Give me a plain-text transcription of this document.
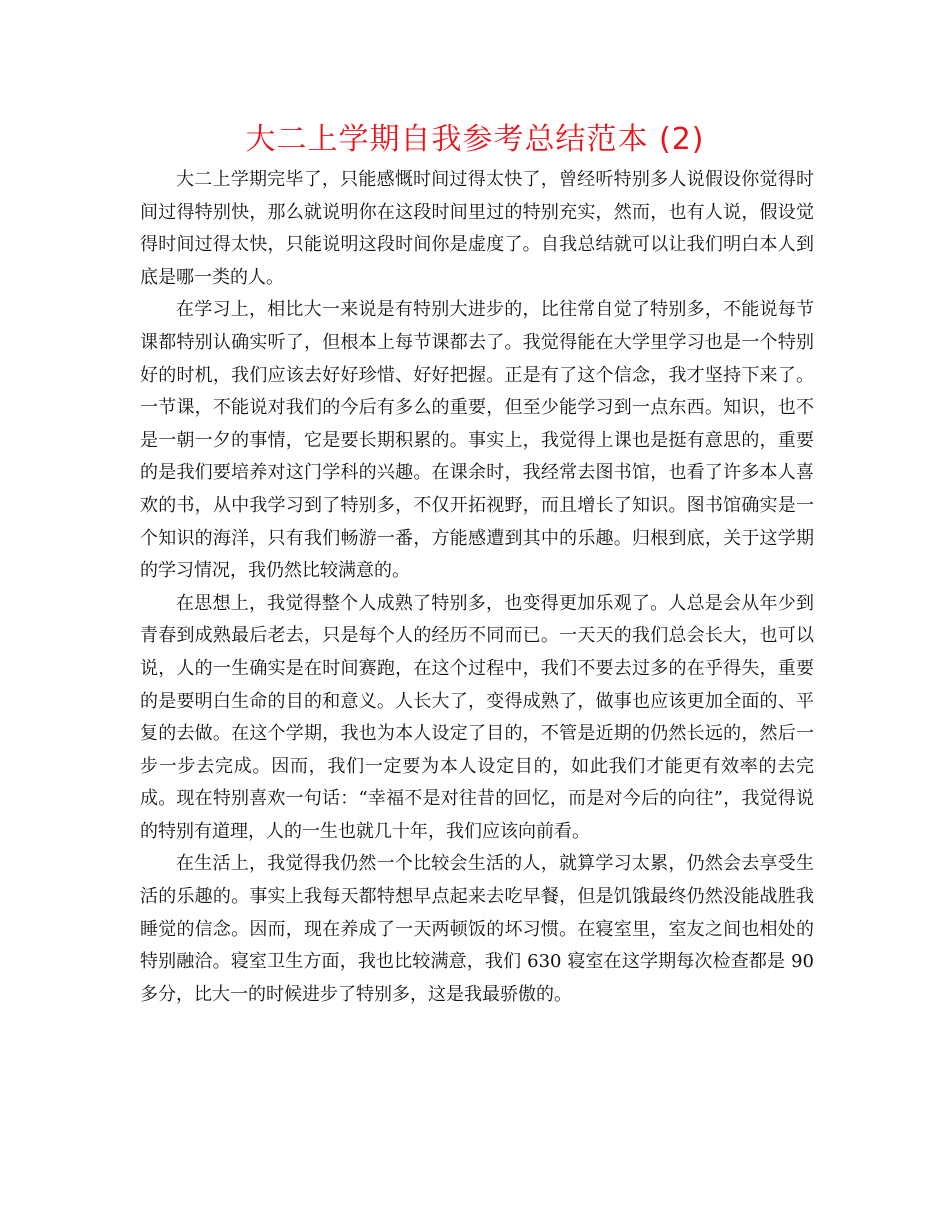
大二上学期自我参考总结范本 (2)

大二上学期完毕了，只能感慨时间过得太快了，曾经听特别多人说假设你觉得时间过得特别快，那么就说明你在这段时间里过的特别充实，然而，也有人说，假设觉得时间过得太快，只能说明这段时间你是虚度了。自我总结就可以让我们明白本人到底是哪一类的人。

在学习上，相比大一来说是有特别大进步的，比往常自觉了特别多，不能说每节课都特别认确实听了，但根本上每节课都去了。我觉得能在大学里学习也是一个特别好的时机，我们应该去好好珍惜、好好把握。正是有了这个信念，我才坚持下来了。一节课，不能说对我们的今后有多么的重要，但至少能学习到一点东西。知识，也不是一朝一夕的事情，它是要长期积累的。事实上，我觉得上课也是挺有意思的，重要的是我们要培养对这门学科的兴趣。在课余时，我经常去图书馆，也看了许多本人喜欢的书，从中我学习到了特别多，不仅开拓视野，而且增长了知识。图书馆确实是一个知识的海洋，只有我们畅游一番，方能感遭到其中的乐趣。归根到底，关于这学期的学习情况，我仍然比较满意的。

在思想上，我觉得整个人成熟了特别多，也变得更加乐观了。人总是会从年少到青春到成熟最后老去，只是每个人的经历不同而已。一天天的我们总会长大，也可以说，人的一生确实是在时间赛跑，在这个过程中，我们不要去过多的在乎得失，重要的是要明白生命的目的和意义。人长大了，变得成熟了，做事也应该更加全面的、平复的去做。在这个学期，我也为本人设定了目的，不管是近期的仍然长远的，然后一步一步去完成。因而，我们一定要为本人设定目的，如此我们才能更有效率的去完成。现在特别喜欢一句话：“幸福不是对往昔的回忆，而是对今后的向往”，我觉得说的特别有道理，人的一生也就几十年，我们应该向前看。

在生活上，我觉得我仍然一个比较会生活的人，就算学习太累，仍然会去享受生活的乐趣的。事实上我每天都特想早点起来去吃早餐，但是饥饿最终仍然没能战胜我睡觉的信念。因而，现在养成了一天两顿饭的坏习惯。在寝室里，室友之间也相处的特别融洽。寝室卫生方面，我也比较满意，我们 630 寝室在这学期每次检查都是 90 多分，比大一的时候进步了特别多，这是我最骄傲的。
